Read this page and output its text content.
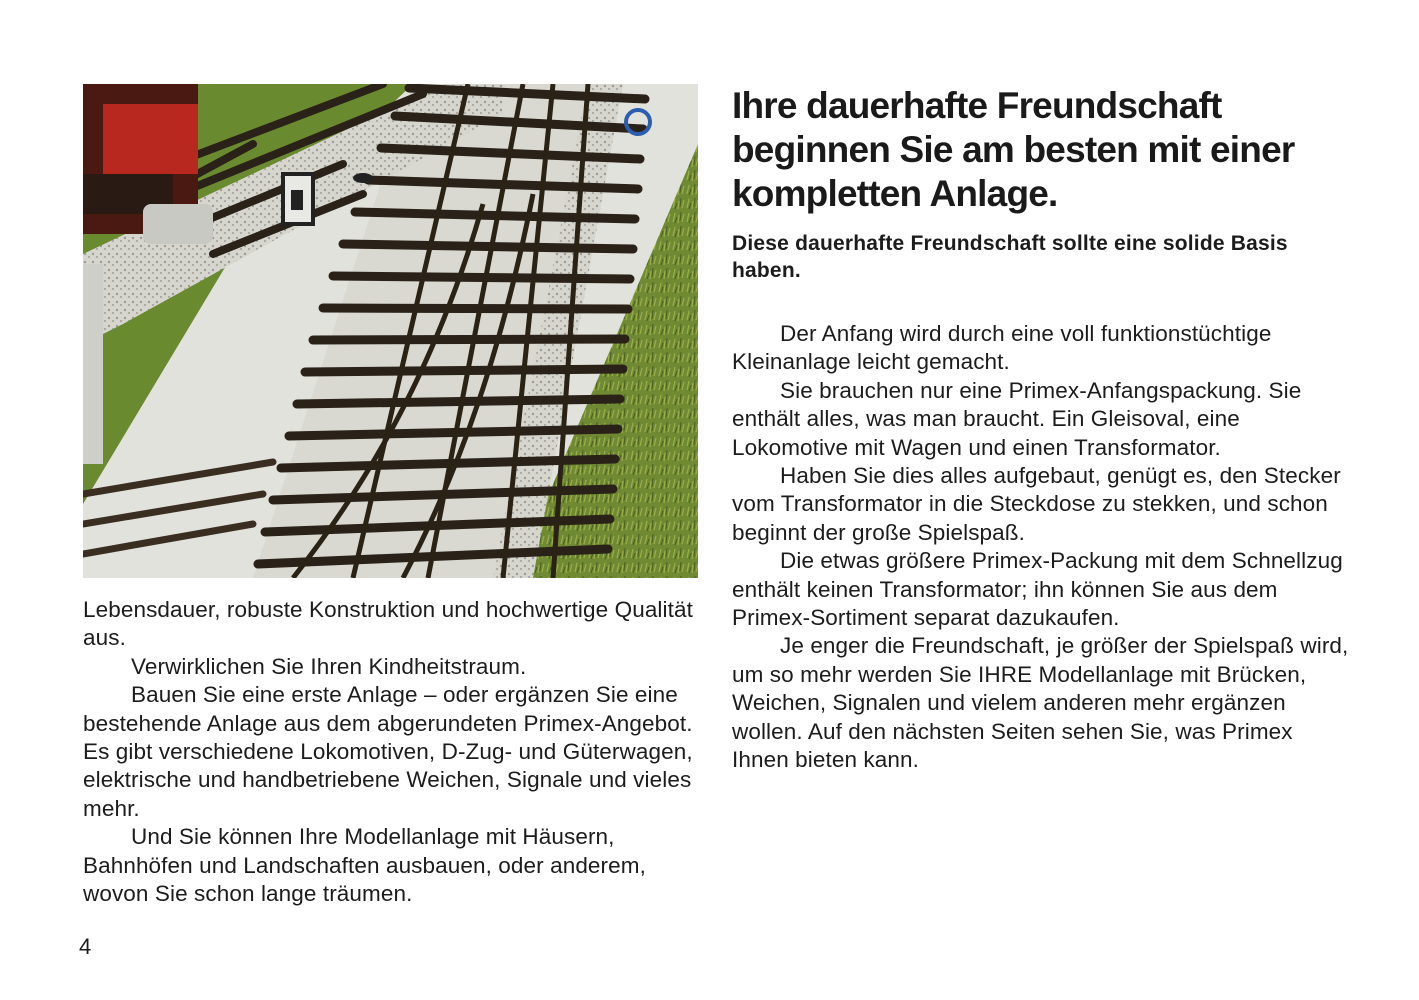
Lebensdauer, robuste Konstruktion und hochwertige Qualität aus.

Verwirklichen Sie Ihren Kindheitstraum.

Bauen Sie eine erste Anlage – oder ergänzen Sie eine bestehende Anlage aus dem abgerundeten Primex-Angebot. Es gibt verschiedene Lokomotiven, D-Zug- und Güterwagen, elektrische und handbetriebene Weichen, Signale und vieles mehr.

Und Sie können Ihre Modellanlage mit Häusern, Bahnhöfen und Landschaften ausbauen, oder anderem, wovon Sie schon lange träumen.

Ihre dauerhafte Freundschaft beginnen Sie am besten mit einer kompletten Anlage.
Diese dauerhafte Freundschaft sollte eine solide Basis haben.

Der Anfang wird durch eine voll funktionstüchtige Kleinanlage leicht gemacht.

Sie brauchen nur eine Primex-Anfangspackung. Sie enthält alles, was man braucht. Ein Gleisoval, eine Lokomotive mit Wagen und einen Transformator.

Haben Sie dies alles aufgebaut, genügt es, den Stecker vom Transformator in die Steckdose zu stekken, und schon beginnt der große Spielspaß.

Die etwas größere Primex-Packung mit dem Schnellzug enthält keinen Transformator; ihn können Sie aus dem Primex-Sortiment separat dazukaufen.

Je enger die Freundschaft, je größer der Spielspaß wird, um so mehr werden Sie IHRE Modellanlage mit Brücken, Weichen, Signalen und vielem anderen mehr ergänzen wollen. Auf den nächsten Seiten sehen Sie, was Primex Ihnen bieten kann.

4
